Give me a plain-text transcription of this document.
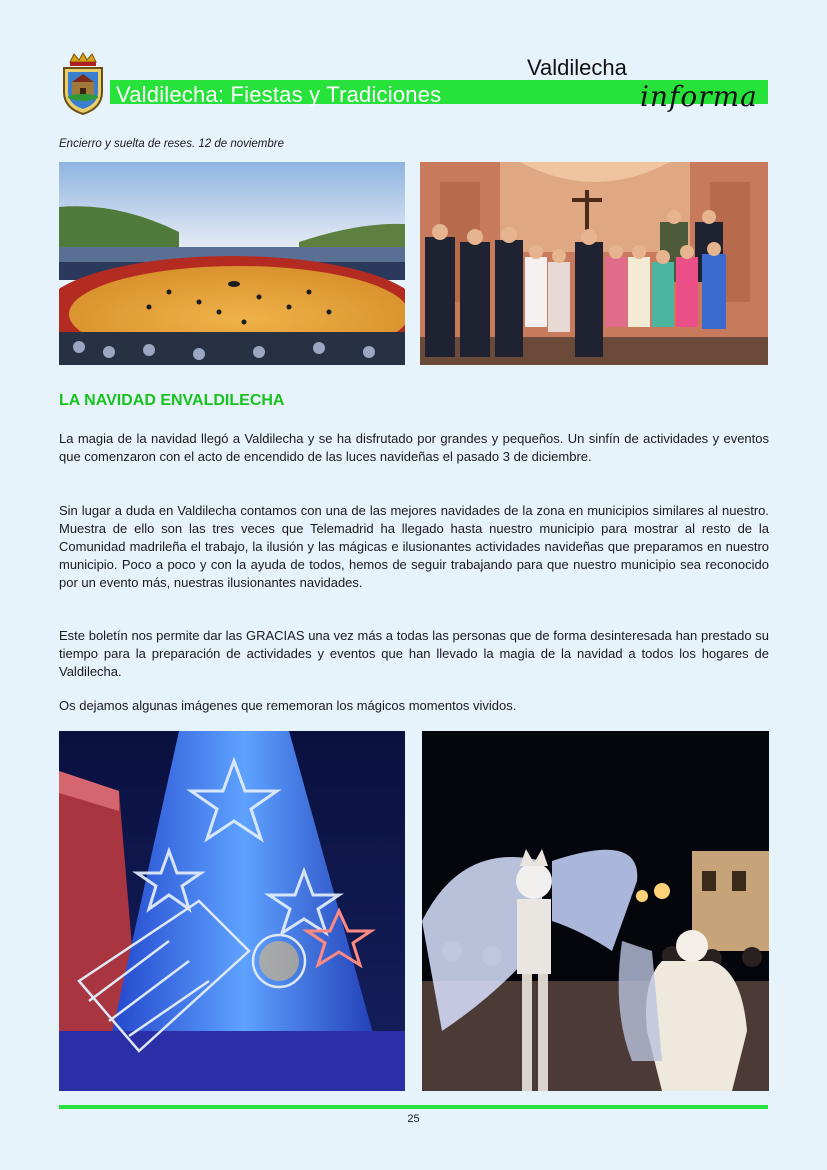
Valdilecha: Fiestas y Tradiciones
Valdilecha
informa
Encierro y suelta de reses. 12 de noviembre
LA NAVIDAD ENVALDILECHA
La magia de la navidad llegó a Valdilecha y se ha disfrutado por grandes y pequeños. Un sinfín de actividades y eventos que comenzaron con el acto de encendido de las luces navideñas el pasado 3 de diciembre.
Sin lugar a duda en Valdilecha contamos con una de las mejores navidades de la zona en municipios similares al nuestro. Muestra de ello son las tres veces que Telemadrid ha llegado hasta nuestro municipio para mostrar al resto de la Comunidad madrileña el trabajo, la ilusión y las mágicas e ilusionantes actividades navideñas que preparamos en nuestro municipio. Poco a poco y con la ayuda de todos, hemos de seguir trabajando para que nuestro municipio sea reconocido por un evento más, nuestras ilusionantes navidades.
Este boletín nos permite dar las GRACIAS una vez más a todas las personas que de forma desinteresada han prestado su tiempo para la preparación de actividades y eventos que han llevado la magia de la navidad a todos los hogares de Valdilecha.
Os dejamos algunas imágenes que rememoran los mágicos momentos vividos.
25
